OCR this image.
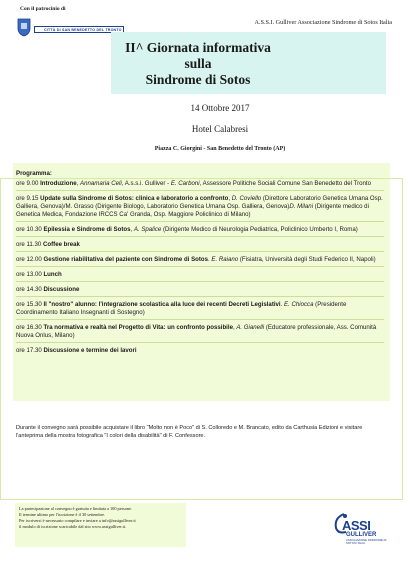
Con il patrocinio di
CITTÀ DI SAN BENEDETTO DEL TRONTO
A.S.S.I. Gulliver Associazione Sindrome di Sotos Italia
II^ Giornata informativa sulla
Sindrome di Sotos
14 Ottobre 2017
Hotel Calabresi
Piazza C. Giorgini - San Benedetto del Tronto (AP)
Programma:
ore 9.00 Introduzione, Annamaria Celi, A.s.s.i. Gulliver - E. Carboni, Assessore Politiche Sociali Comune San Benedetto del Tronto
ore 9.15 Update sulla Sindrome di Sotos: clinica e laboratorio a confronto, D. Coviello (Direttore Laboratorio Genetica Umana Osp. Galliera, Genova)/M. Grasso (Dirigente Biologo, Laboratorio Genetica Umana Osp. Galliera, Genova)D. Milani (Dirigente medico di Genetica Medica, Fondazione IRCCS Ca' Granda, Osp. Maggiore Policlinico di Milano)
ore 10.30 Epilessia e Sindrome di Sotos, A. Spalice (Dirigente Medico di Neurologia Pediatrica, Policlinico Umberto I, Roma)
ore 11.30 Coffee break
ore 12.00 Gestione riabilitativa del paziente con Sindrome di Sotos. E. Raiano (Fisiatra, Università degli Studi Federico II, Napoli)
ore 13.00 Lunch
ore 14.30 Discussione
ore 15.30 Il "nostro" alunno: l'integrazione scolastica alla luce dei recenti Decreti Legislativi. E. Chiocca (Presidente Coordinamento Italiano Insegnanti di Sostegno)
ore 16.30 Tra normativa e realtà nel Progetto di Vita: un confronto possibile, A. Gianelli (Educatore professionale, Ass. Comunità Nuova Onlus, Milano)
ore 17.30 Discussione e termine dei lavori
Durante il convegno sarà possibile acquistare il libro "Molto non è Poco" di S. Colloredo e M. Brancato, edito da Carthusia Edizioni e visitare l'anteprima della mostra fotografica "I colori della disabilità" di F. Confessore.
La partecipazione al convegno è gratuita e limitata a 100 persone.
Il termine ultimo per l'iscrizione è il 30 settembre.
Per iscriversi è necessario compilare e inviare a info@assigulliver.it
il modulo di iscrizione scaricabile dal sito www.assigulliver.it.	ASSI
GULLIVER
ASSOCIAZIONE SINDROME DI SOTOS ITALIA
